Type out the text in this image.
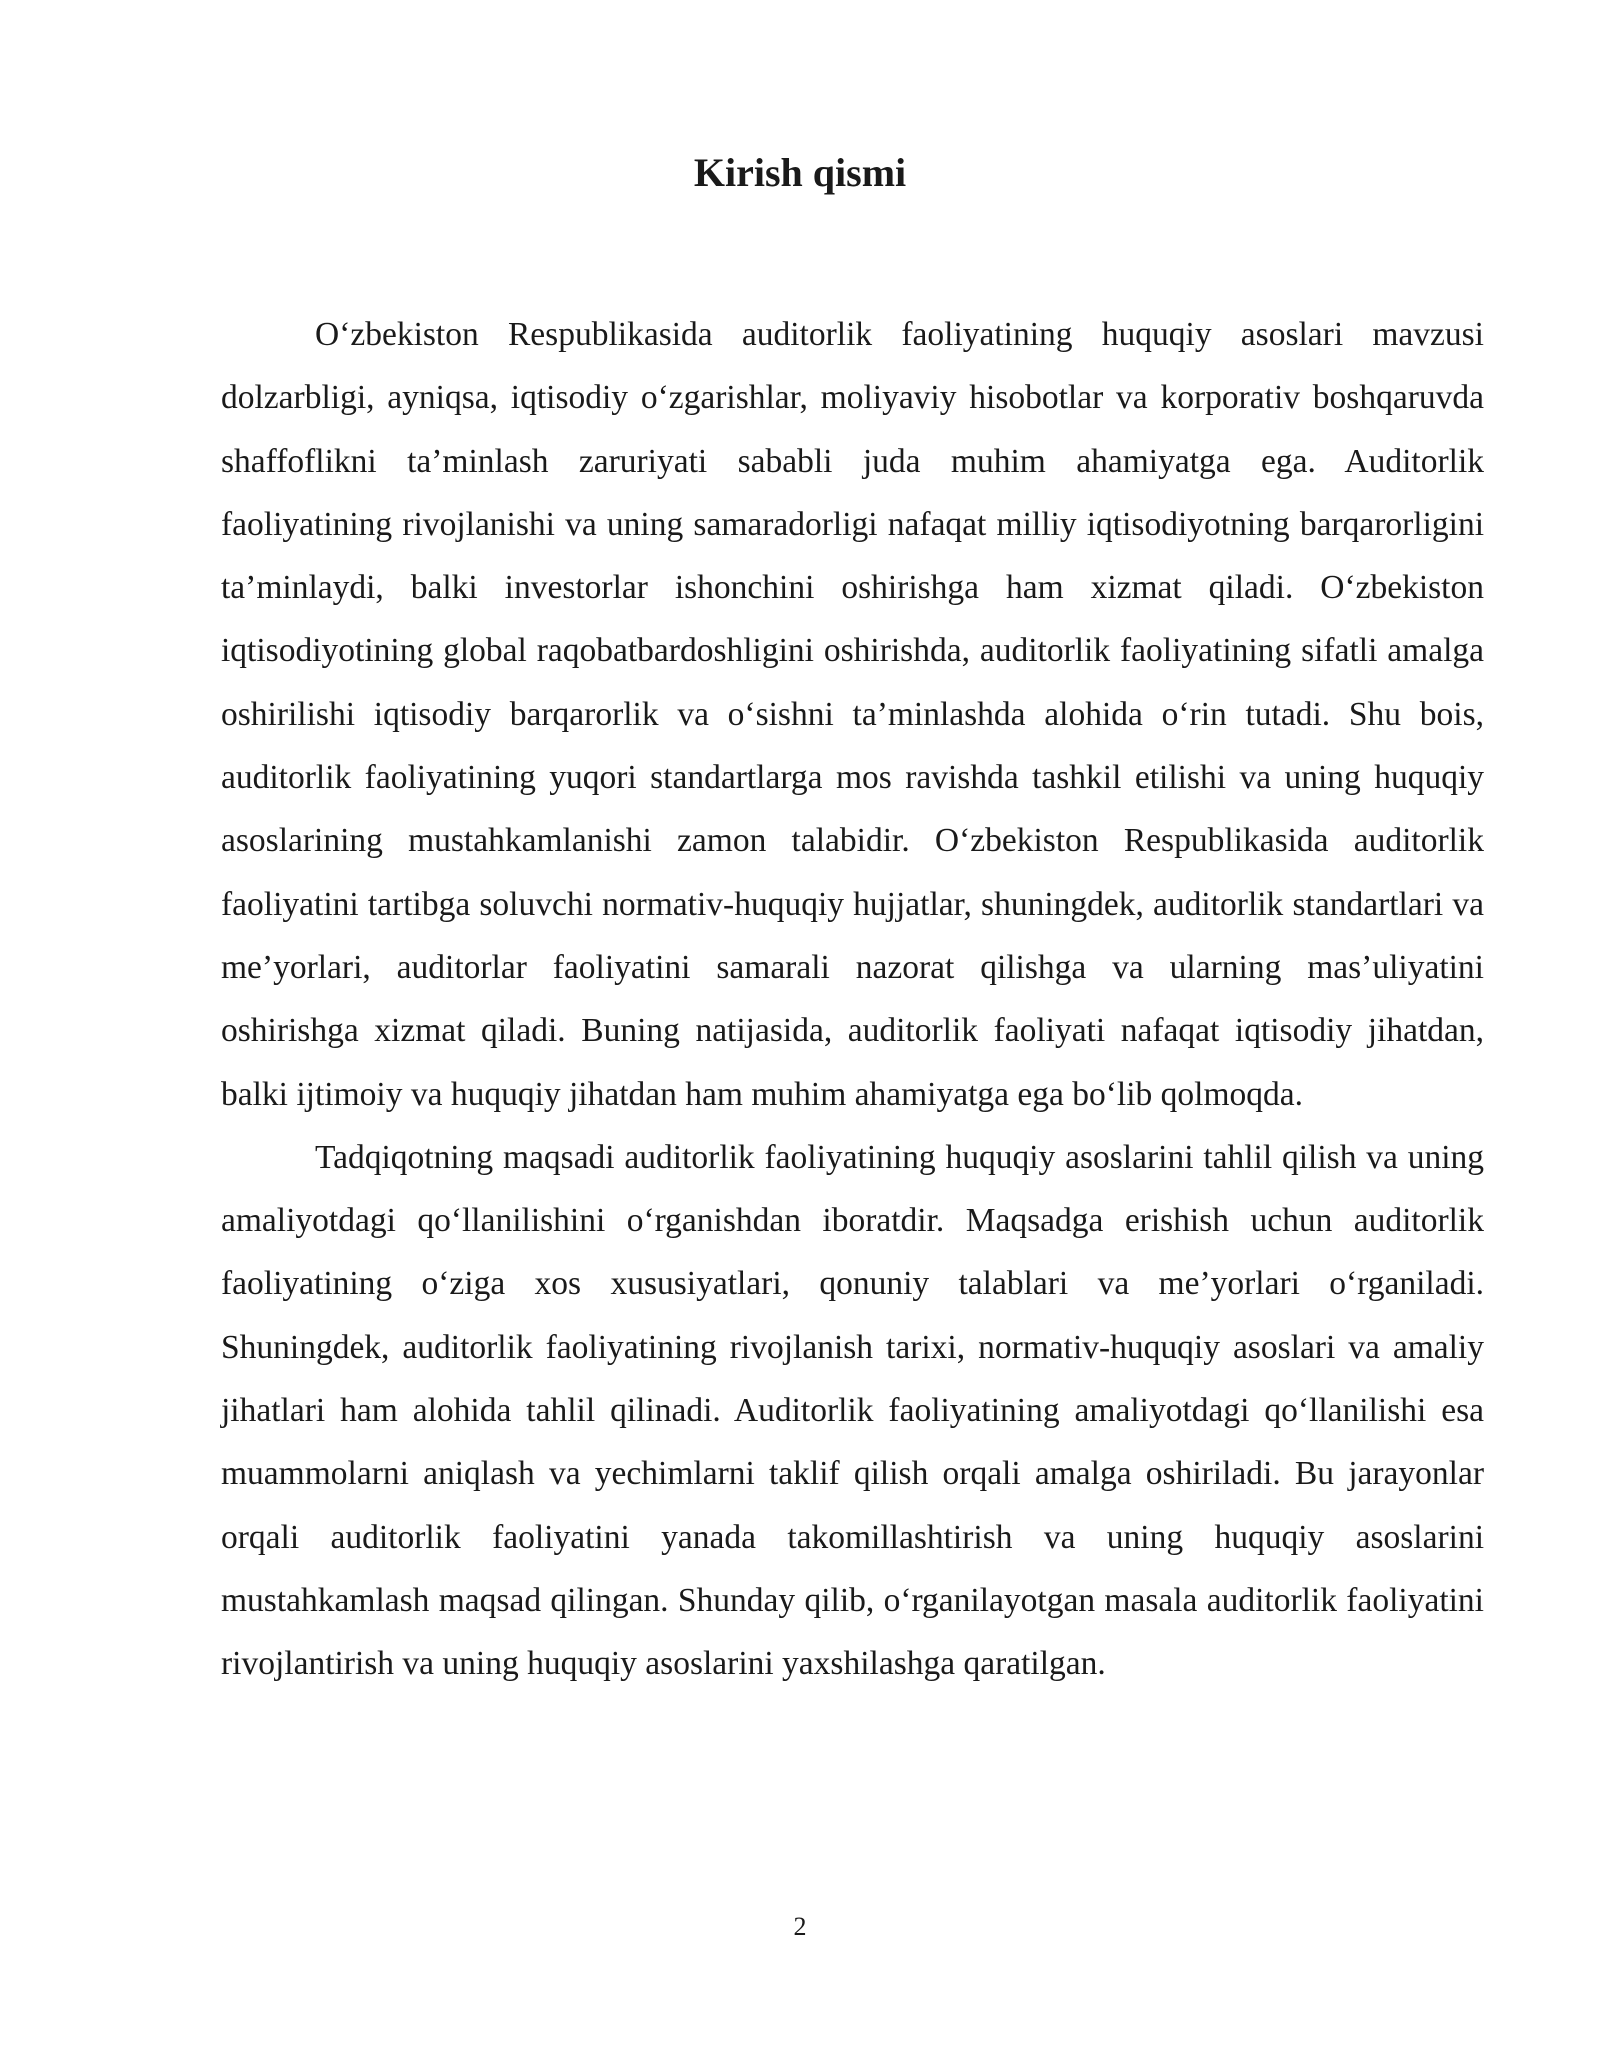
Kirish qismi

O‘zbekiston Respublikasida auditorlik faoliyatining huquqiy asoslari mavzusi dolzarbligi, ayniqsa, iqtisodiy o‘zgarishlar, moliyaviy hisobotlar va korporativ boshqaruvda shaffoflikni ta’minlash zaruriyati sababli juda muhim ahamiyatga ega. Auditorlik faoliyatining rivojlanishi va uning samaradorligi nafaqat milliy iqtisodiyotning barqarorligini ta’minlaydi, balki investorlar ishonchini oshirishga ham xizmat qiladi. O‘zbekiston iqtisodiyotining global raqobatbardoshligini oshirishda, auditorlik faoliyatining sifatli amalga oshirilishi iqtisodiy barqarorlik va o‘sishni ta’minlashda alohida o‘rin tutadi. Shu bois, auditorlik faoliyatining yuqori standartlarga mos ravishda tashkil etilishi va uning huquqiy asoslarining mustahkamlanishi zamon talabidir. O‘zbekiston Respublikasida auditorlik faoliyatini tartibga soluvchi normativ-huquqiy hujjatlar, shuningdek, auditorlik standartlari va me’yorlari, auditorlar faoliyatini samarali nazorat qilishga va ularning mas’uliyatini oshirishga xizmat qiladi. Buning natijasida, auditorlik faoliyati nafaqat iqtisodiy jihatdan, balki ijtimoiy va huquqiy jihatdan ham muhim ahamiyatga ega bo‘lib qolmoqda.

Tadqiqotning maqsadi auditorlik faoliyatining huquqiy asoslarini tahlil qilish va uning amaliyotdagi qo‘llanilishini o‘rganishdan iboratdir. Maqsadga erishish uchun auditorlik faoliyatining o‘ziga xos xususiyatlari, qonuniy talablari va me’yorlari o‘rganiladi. Shuningdek, auditorlik faoliyatining rivojlanish tarixi, normativ-huquqiy asoslari va amaliy jihatlari ham alohida tahlil qilinadi. Auditorlik faoliyatining amaliyotdagi qo‘llanilishi esa muammolarni aniqlash va yechimlarni taklif qilish orqali amalga oshiriladi. Bu jarayonlar orqali auditorlik faoliyatini yanada takomillashtirish va uning huquqiy asoslarini mustahkamlash maqsad qilingan. Shunday qilib, o‘rganilayotgan masala auditorlik faoliyatini rivojlantirish va uning huquqiy asoslarini yaxshilashga qaratilgan.

2
